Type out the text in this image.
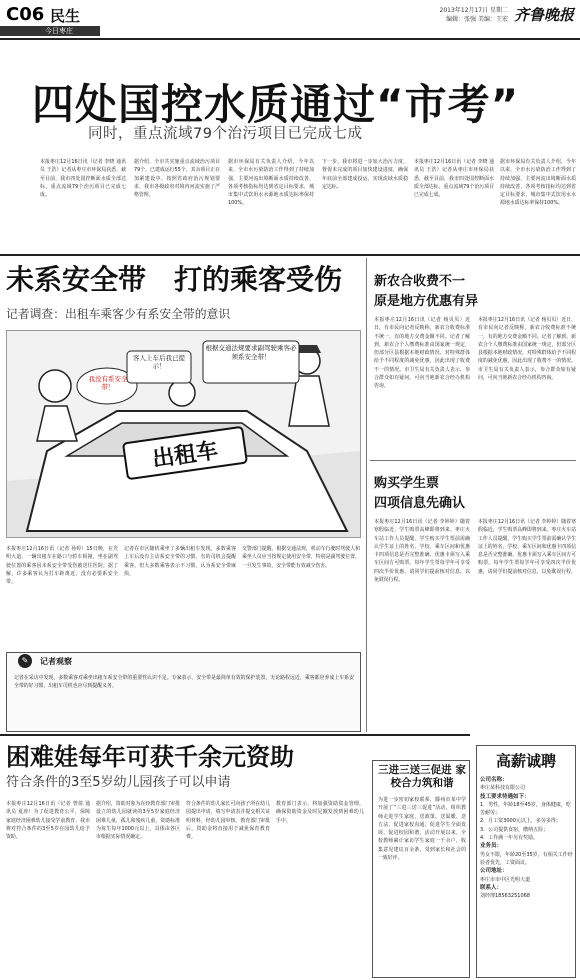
C06 民生
今日枣庄
2013年12月17日 星期二
编辑：张强 美编：王宏 齐鲁晚报
四处国控水质通过“市考”
同时，重点流域79个治污项目已完成七成
本报枣庄12月16日讯（记者 李晓 通讯员 王浩）记者从枣庄市环保局获悉，截至目前，我市四处国控断面水质全部达标，重点流域79个治污项目已完成七成。
据介绍，全市共实施重点流域治污项目79个，已建成运行55个，其余项目正在加紧建设中。按照省政府治污规划要求，我市各级政府对境内河流实施了严格管理。
据市环保局有关负责人介绍，今年以来，全市水污染防治工作得到了持续加强，主要河流出境断面水质持续改善，各项考核指标均达到省定目标要求，城市集中式饮用水水源地水质达标率保持100%。
下一步，我市将进一步加大治污力度，督促未完成的项目加快建设进度，确保年底前全部建成投运，实现流域水质稳定达标。
本报枣庄12月16日讯（记者 李晓 通讯员 王浩）记者从枣庄市环保局获悉，截至目前，我市四处国控断面水质全部达标，重点流域79个治污项目已完成七成。
据市环保局有关负责人介绍，今年以来，全市水污染防治工作得到了持续加强，主要河流出境断面水质持续改善，各项考核指标均达到省定目标要求，城市集中式饮用水水源地水质达标率保持100%。
未系安全带　打的乘客受伤
记者调查：出租车乘客少有系安全带的意识
我没有系安全带！
客人上车后我已提示！
根据交通法规要求副驾驶乘客必须系安全带！
出租车
本报枣庄12月16日讯（记者 孙婷）15日晚，在光明大道，一辆出租车在路口与轿车相撞，坐在副驾驶位置的乘客因未系安全带受伤被送往医院。据了解，许多乘客认为打车距离近，没有必要系安全带。
记者在市区随机乘坐了多辆出租车发现，多数乘客上车后没有主动系安全带的习惯，有的司机会提醒乘客，但大多数乘客表示不习惯，认为系安全带麻烦。
交警部门提醒，根据交通法规，机动车行驶时驾驶人和乘坐人员应当按规定使用安全带，特别是副驾驶位置，一旦发生事故，安全带能有效减少伤害。
✎	记者观察
记者在采访中发现，多数乘客对乘坐出租车系安全带的重要性认识不足。专家表示，安全带是最简单有效的保护装置，无论路程远近，乘客都应养成上车系安全带的好习惯，出租车司机也应尽到提醒义务。
新农合收费不一
原是地方优惠有异
本报枣庄12月16日讯（记者 杨贝贝）近日，有市民向记者反映称，新农合收费标准不统一，有的地方交费金额不同。记者了解到，新农合个人缴费标准由国家统一规定，但部分区县根据本地财政情况，对特殊群体给予不同程度的减免优惠，因此出现了收费不一的情况。市卫生局有关负责人表示，参合群众如有疑问，可向当地新农合经办机构咨询。
本报枣庄12月16日讯（记者 杨贝贝）近日，有市民向记者反映称，新农合收费标准不统一，有的地方交费金额不同。记者了解到，新农合个人缴费标准由国家统一规定，但部分区县根据本地财政情况，对特殊群体给予不同程度的减免优惠，因此出现了收费不一的情况。市卫生局有关负责人表示，参合群众如有疑问，可向当地新农合经办机构咨询。
购买学生票
四项信息先确认
本报枣庄12月16日讯（记者 李婷婷）随着寒假临近，学生购票高峰即将到来。枣庄火车站工作人员提醒，学生购买学生票前需确认学生证上的姓名、学校、乘车区间和优惠卡四项信息是否完整准确，优惠卡须写入乘车区间方可购票。每年学生票每学年可享受四次半价优惠，请同学们提前核对信息，以免耽误行程。
本报枣庄12月16日讯（记者 李婷婷）随着寒假临近，学生购票高峰即将到来。枣庄火车站工作人员提醒，学生购买学生票前需确认学生证上的姓名、学校、乘车区间和优惠卡四项信息是否完整准确，优惠卡须写入乘车区间方可购票。每年学生票每学年可享受四次半价优惠，请同学们提前核对信息，以免耽误行程。
困难娃每年可获千余元资助
符合条件的3至5岁幼儿园孩子可以申请
本报枣庄12月16日讯（记者 曾倩 通讯员 夏涛）为了促进教育公平，保障家庭经济困难幼儿接受学前教育，我市将对符合条件的3至5岁在园幼儿给予资助。
据介绍，资助对象为在经教育部门审批设立的幼儿园就读的3至5岁家庭经济困难儿童、孤儿和残疾儿童，资助标准为每生每年1000元以上，具体由各区市根据实际情况确定。
符合条件的幼儿家长可向孩子所在幼儿园提出申请，填写申请表并提交相关证明材料，经幼儿园审核、教育部门审批后，资助金将直接用于减免保育教育费。
教育部门表示，将加强资助资金管理，确保资助资金及时足额发放到困难幼儿手中。
三进三送三促进 家校合力筑和谐
为进一步密切家校联系，滕州市某中学开展了“三进三送三促进”活动，组织教师走进学生家庭，送政策、送温暖、送方法，促进家校沟通，促进学生全面发展，促进校园和谐。活动开展以来，全校教师累计家访学生家庭一千余户，收集意见建议百余条，受到家长和社会的一致好评。
高薪诚聘
公司名称：
枣庄某科技有限公司
技工要求待遇如下：
1．男性，年龄18至45岁，身体健康，吃苦耐劳；
2．月工资3000元以上，多劳多得；
3．公司提供食宿，缴纳五险；
4．工作满一年另有奖励。
业务员：
男女不限，年龄20至35岁，有相关工作经验者优先，工资面议。
公司地址：
枣庄市市中区光明大道
联系人：
刘经理18563251068
